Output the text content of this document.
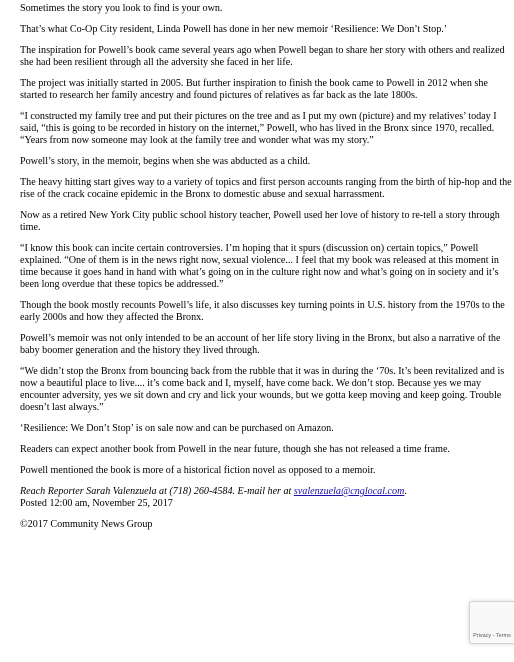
Sometimes the story you look to find is your own.

That’s what Co-Op City resident, Linda Powell has done in her new memoir ‘Resilience: We Don’t Stop.’

The inspiration for Powell’s book came several years ago when Powell began to share her story with others and realized she had been resilient through all the adversity she faced in her life.

The project was initially started in 2005. But further inspiration to finish the book came to Powell in 2012 when she started to research her family ancestry and found pictures of relatives as far back as the late 1800s.

“I constructed my family tree and put their pictures on the tree and as I put my own (picture) and my relatives’ today I said, “this is going to be recorded in history on the internet,” Powell, who has lived in the Bronx since 1970, recalled. “Years from now someone may look at the family tree and wonder what was my story.”

Powell’s story, in the memoir, begins when she was abducted as a child.

The heavy hitting start gives way to a variety of topics and first person accounts ranging from the birth of hip-hop and the rise of the crack cocaine epidemic in the Bronx to domestic abuse and sexual harrassment.

Now as a retired New York City public school history teacher, Powell used her love of history to re-tell a story through time.

“I know this book can incite certain controversies. I’m hoping that it spurs (discussion on) certain topics,” Powell explained. “One of them is in the news right now, sexual violence... I feel that my book was released at this moment in time because it goes hand in hand with what’s going on in the culture right now and what’s going on in society and it’s been long overdue that these topics be addressed.”

Though the book mostly recounts Powell’s life, it also discusses key turning points in U.S. history from the 1970s to the early 2000s and how they affected the Bronx.

Powell’s memoir was not only intended to be an account of her life story living in the Bronx, but also a narrative of the baby boomer generation and the history they lived through.

“We didn’t stop the Bronx from bouncing back from the rubble that it was in during the ‘70s. It’s been revitalized and is now a beautiful place to live.... it’s come back and I, myself, have come back. We don’t stop. Because yes we may encounter adversity, yes we sit down and cry and lick your wounds, but we gotta keep moving and keep going. Trouble doesn’t last always.”

‘Resilience: We Don’t Stop’ is on sale now and can be purchased on Amazon.

Readers can expect another book from Powell in the near future, though she has not released a time frame.

Powell mentioned the book is more of a historical fiction novel as opposed to a memoir.

Reach Reporter Sarah Valenzuela at (718) 260-4584. E-mail her at svalenzuela@cnglocal.com.
Posted 12:00 am, November 25, 2017

©2017 Community News Group

Privacy - Terms
